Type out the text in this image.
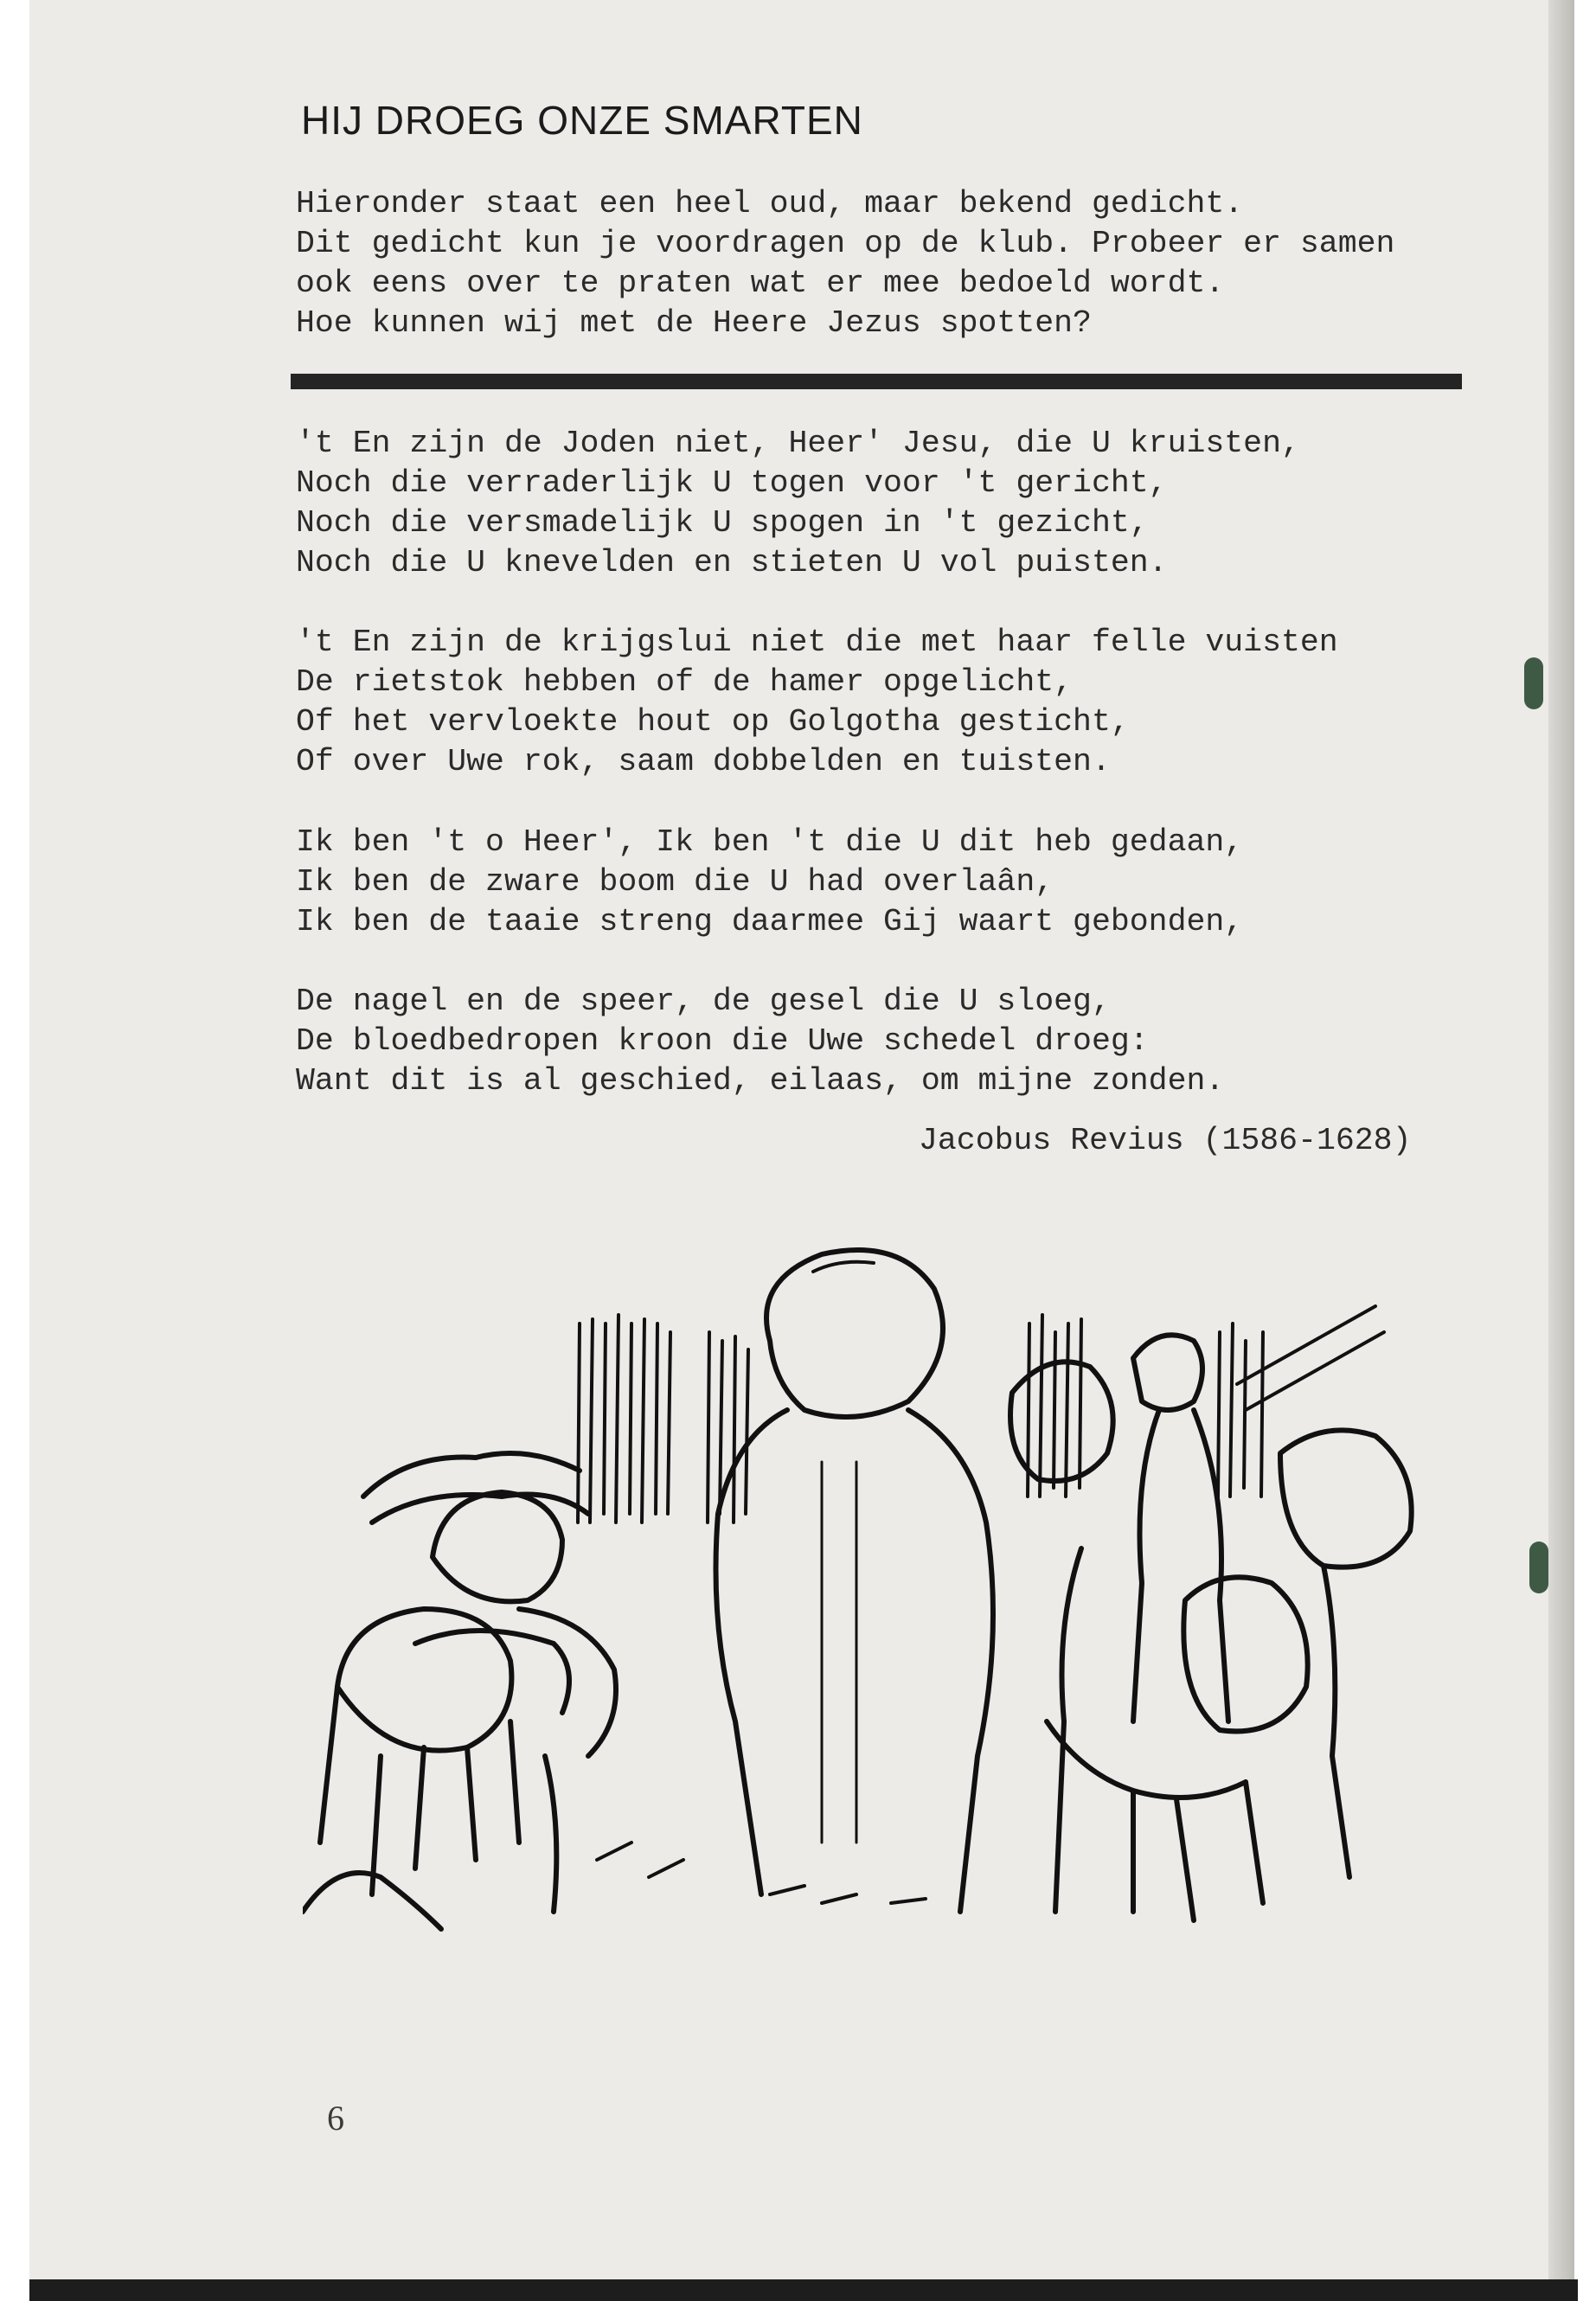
HIJ DROEG ONZE SMARTEN

Hieronder staat een heel oud, maar bekend gedicht.

Dit gedicht kun je voordragen op de klub. Probeer er samen

ook eens over te praten wat er mee bedoeld wordt.

Hoe kunnen wij met de Heere Jezus spotten?

't En zijn de Joden niet, Heer' Jesu, die U kruisten,

Noch die verraderlijk U togen voor 't gericht,

Noch die versmadelijk U spogen in 't gezicht,

Noch die U knevelden en stieten U vol puisten.

't En zijn de krijgslui niet die met haar felle vuisten

De rietstok hebben of de hamer opgelicht,

Of het vervloekte hout op Golgotha gesticht,

Of over Uwe rok, saam dobbelden en tuisten.

Ik ben 't o Heer', Ik ben 't die U dit heb gedaan,

Ik ben de zware boom die U had overlaân,

Ik ben de taaie streng daarmee Gij waart gebonden,

De nagel en de speer, de gesel die U sloeg,

De bloedbedropen kroon die Uwe schedel droeg:

Want dit is al geschied, eilaas, om mijne zonden.

Jacobus Revius (1586-1628)

6
